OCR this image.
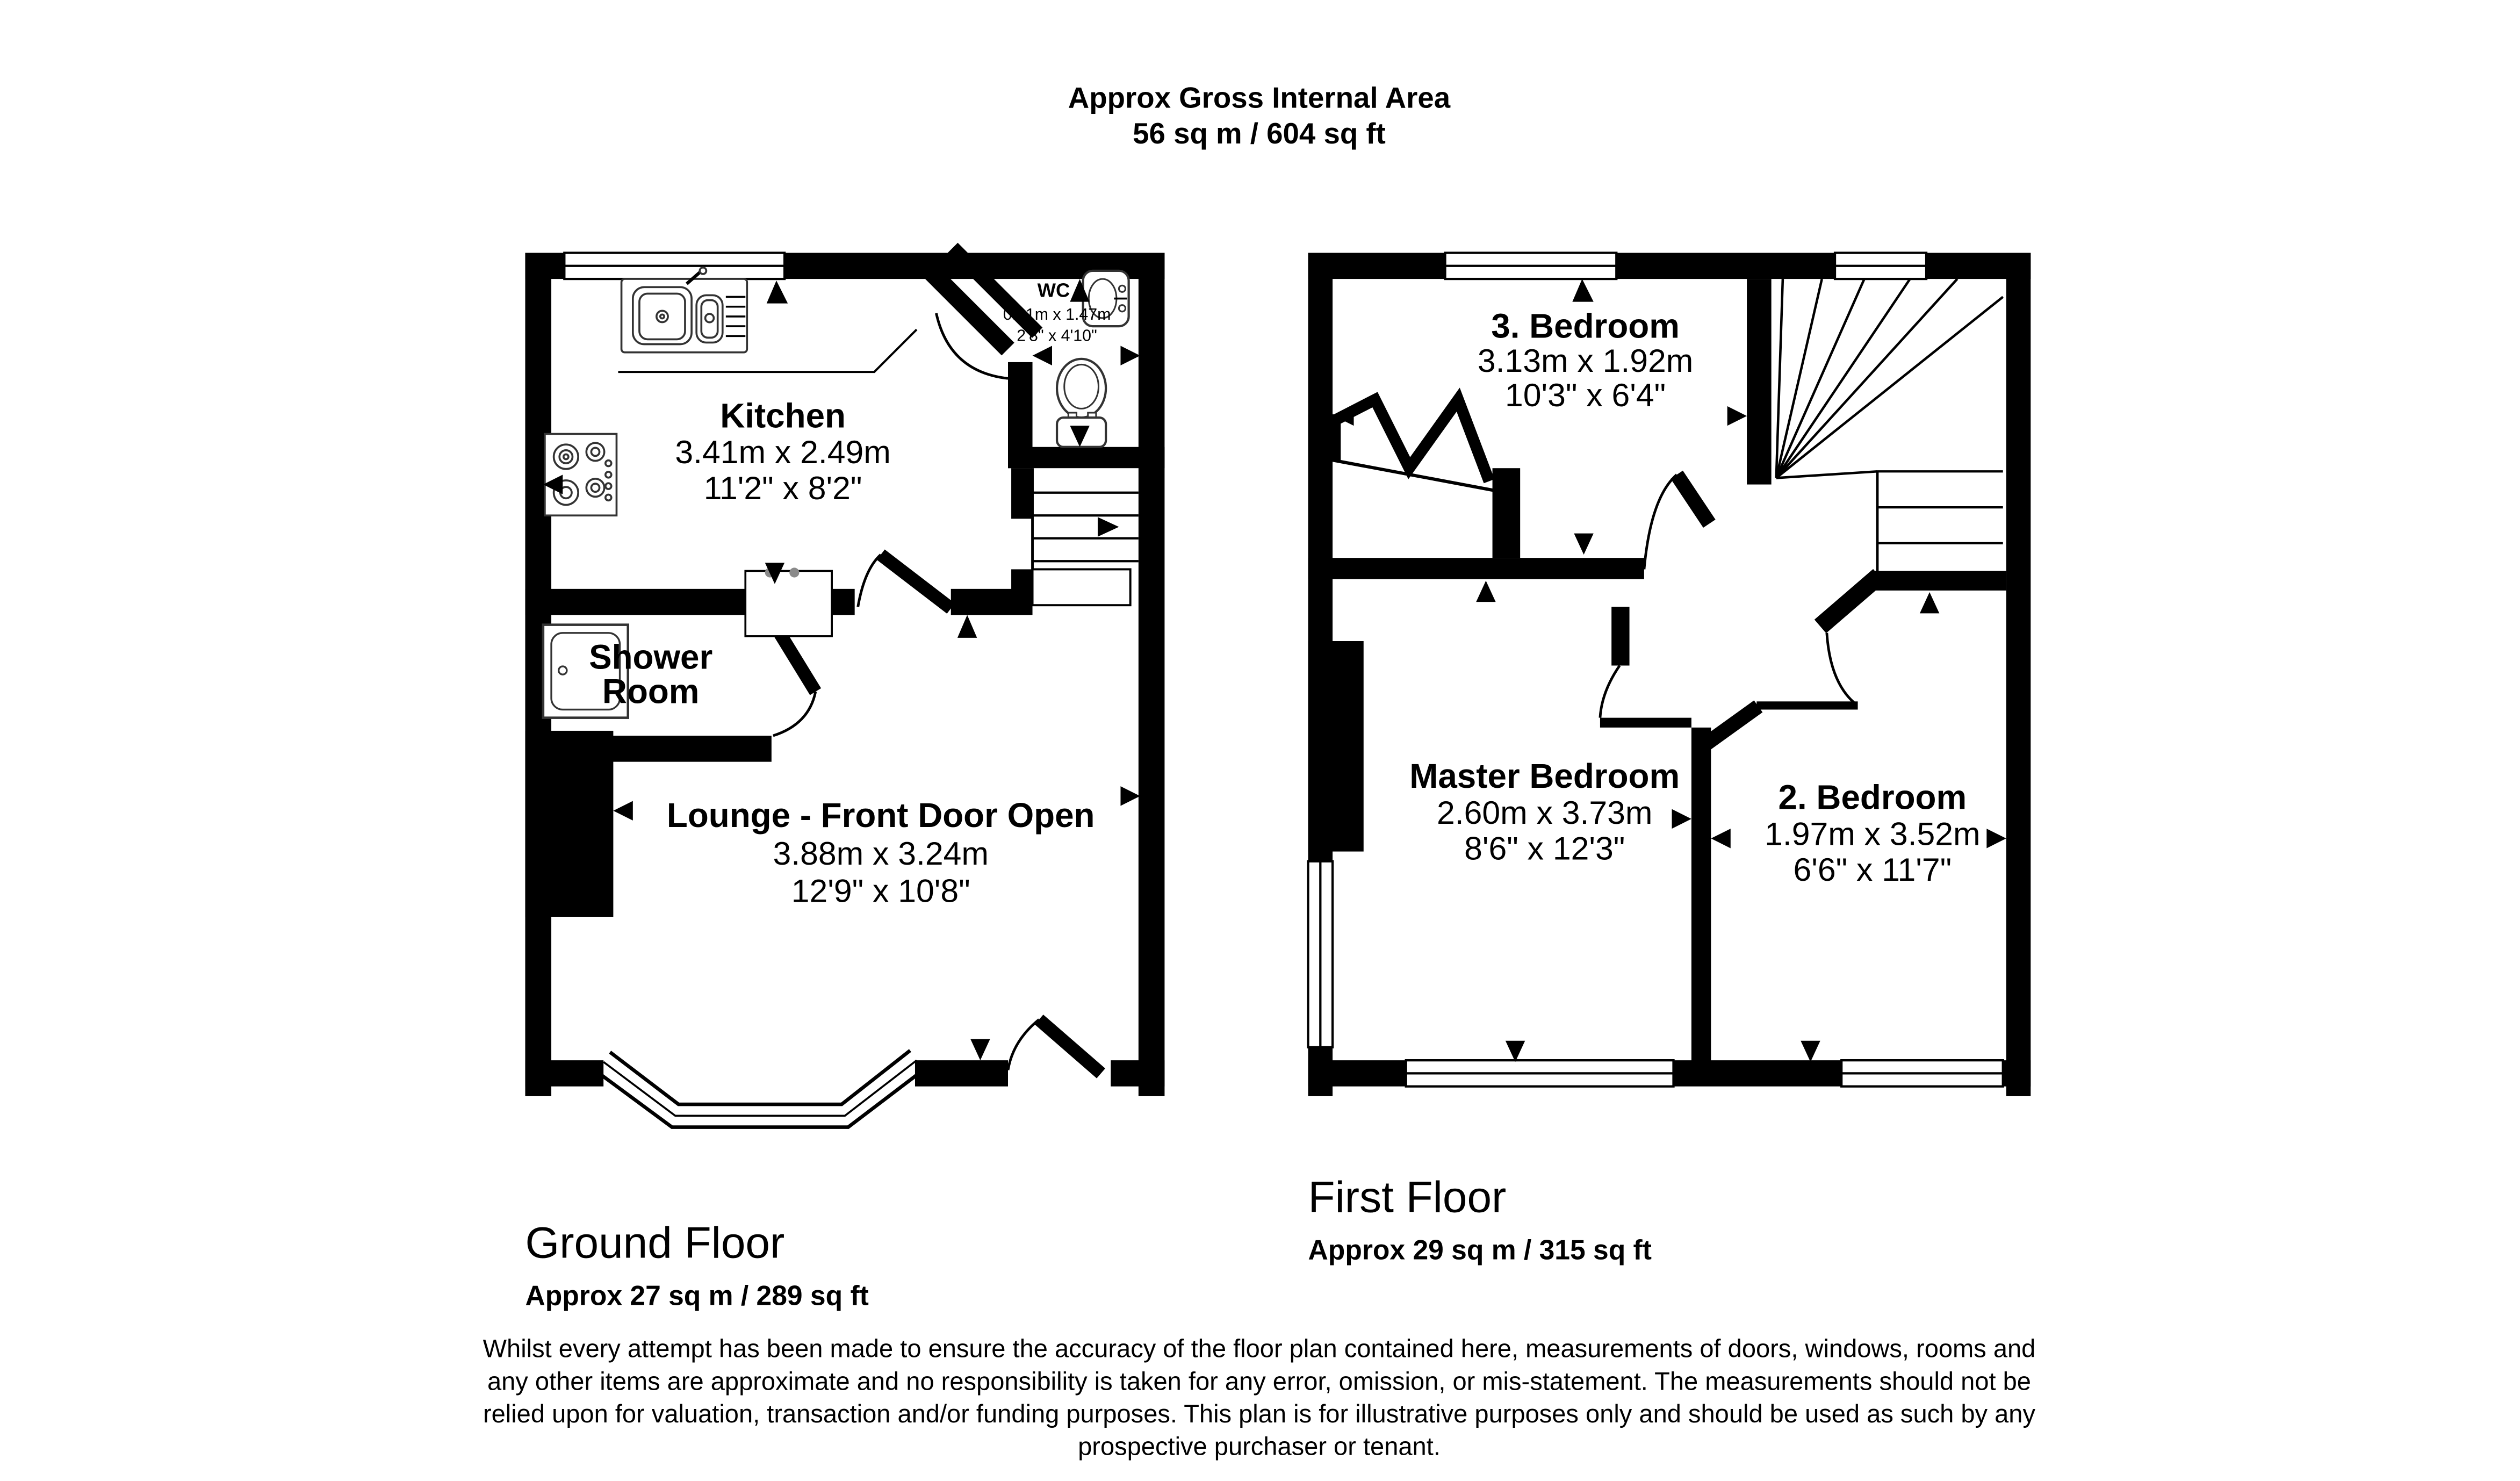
Approx Gross Internal Area
56 sq m / 604 sq ft
Kitchen
3.41m x 2.49m
11'2" x 8'2"
WC
0.81m x 1.47m
2'8" x 4'10"
Shower
Room
Lounge - Front Door Open
3.88m x 3.24m
12'9" x 10'8"
3. Bedroom
3.13m x 1.92m
10'3" x 6'4"
Master Bedroom
2.60m x 3.73m
8'6" x 12'3"
2. Bedroom
1.97m x 3.52m
6'6" x 11'7"
Ground Floor
Approx 27 sq m / 289 sq ft
First Floor
Approx 29 sq m / 315 sq ft
Whilst every attempt has been made to ensure the accuracy of the floor plan contained here, measurements of doors, windows, rooms and
any other items are approximate and no responsibility is taken for any error, omission, or mis-statement. The measurements should not be
relied upon for valuation, transaction and/or funding purposes. This plan is for illustrative purposes only and should be used as such by any
prospective purchaser or tenant.
